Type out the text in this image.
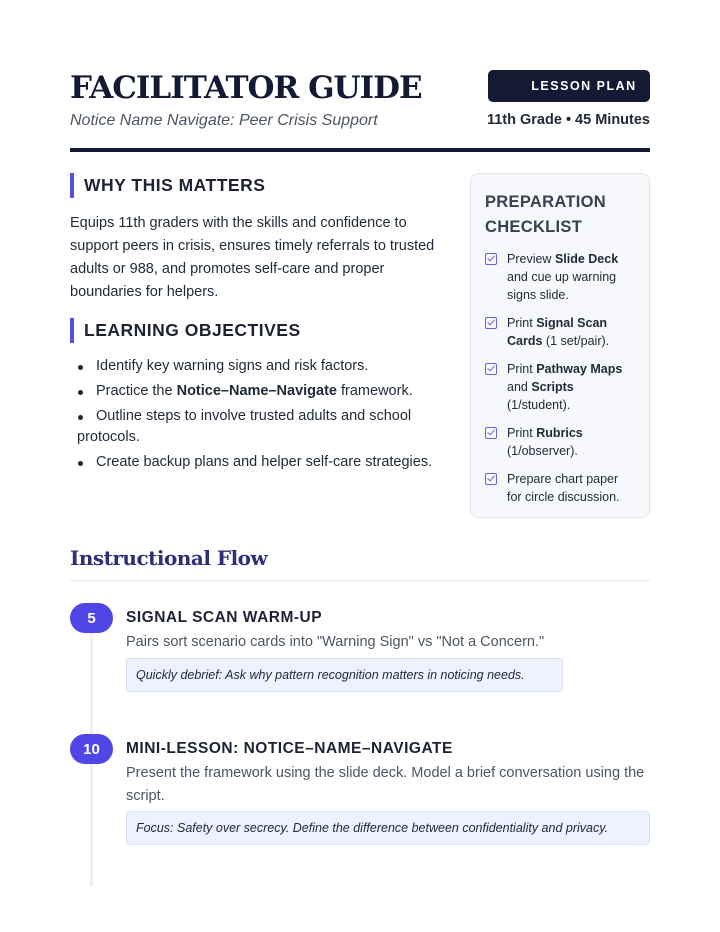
FACILITATOR GUIDE
Notice Name Navigate: Peer Crisis Support
LESSON PLAN
11th Grade • 45 Minutes
WHY THIS MATTERS

Equips 11th graders with the skills and confidence to support peers in crisis, ensures timely referrals to trusted adults or 988, and promotes self-care and proper boundaries for helpers.

LEARNING OBJECTIVES
Identify key warning signs and risk factors.
Practice the Notice–Name–Navigate framework.
Outline steps to involve trusted adults and school protocols.
Create backup plans and helper self-care strategies.
PREPARATION CHECKLIST
Preview Slide Deck and cue up warning signs slide.
Print Signal Scan Cards (1 set/pair).
Print Pathway Maps and Scripts (1/student).
Print Rubrics (1/observer).
Prepare chart paper for circle discussion.
Instructional Flow
5	SIGNAL SCAN WARM-UP
Pairs sort scenario cards into "Warning Sign" vs "Not a Concern."
Quickly debrief: Ask why pattern recognition matters in noticing needs.
10	MINI-LESSON: NOTICE–NAME–NAVIGATE
Present the framework using the slide deck. Model a brief conversation using the script.
Focus: Safety over secrecy. Define the difference between confidentiality and privacy.
